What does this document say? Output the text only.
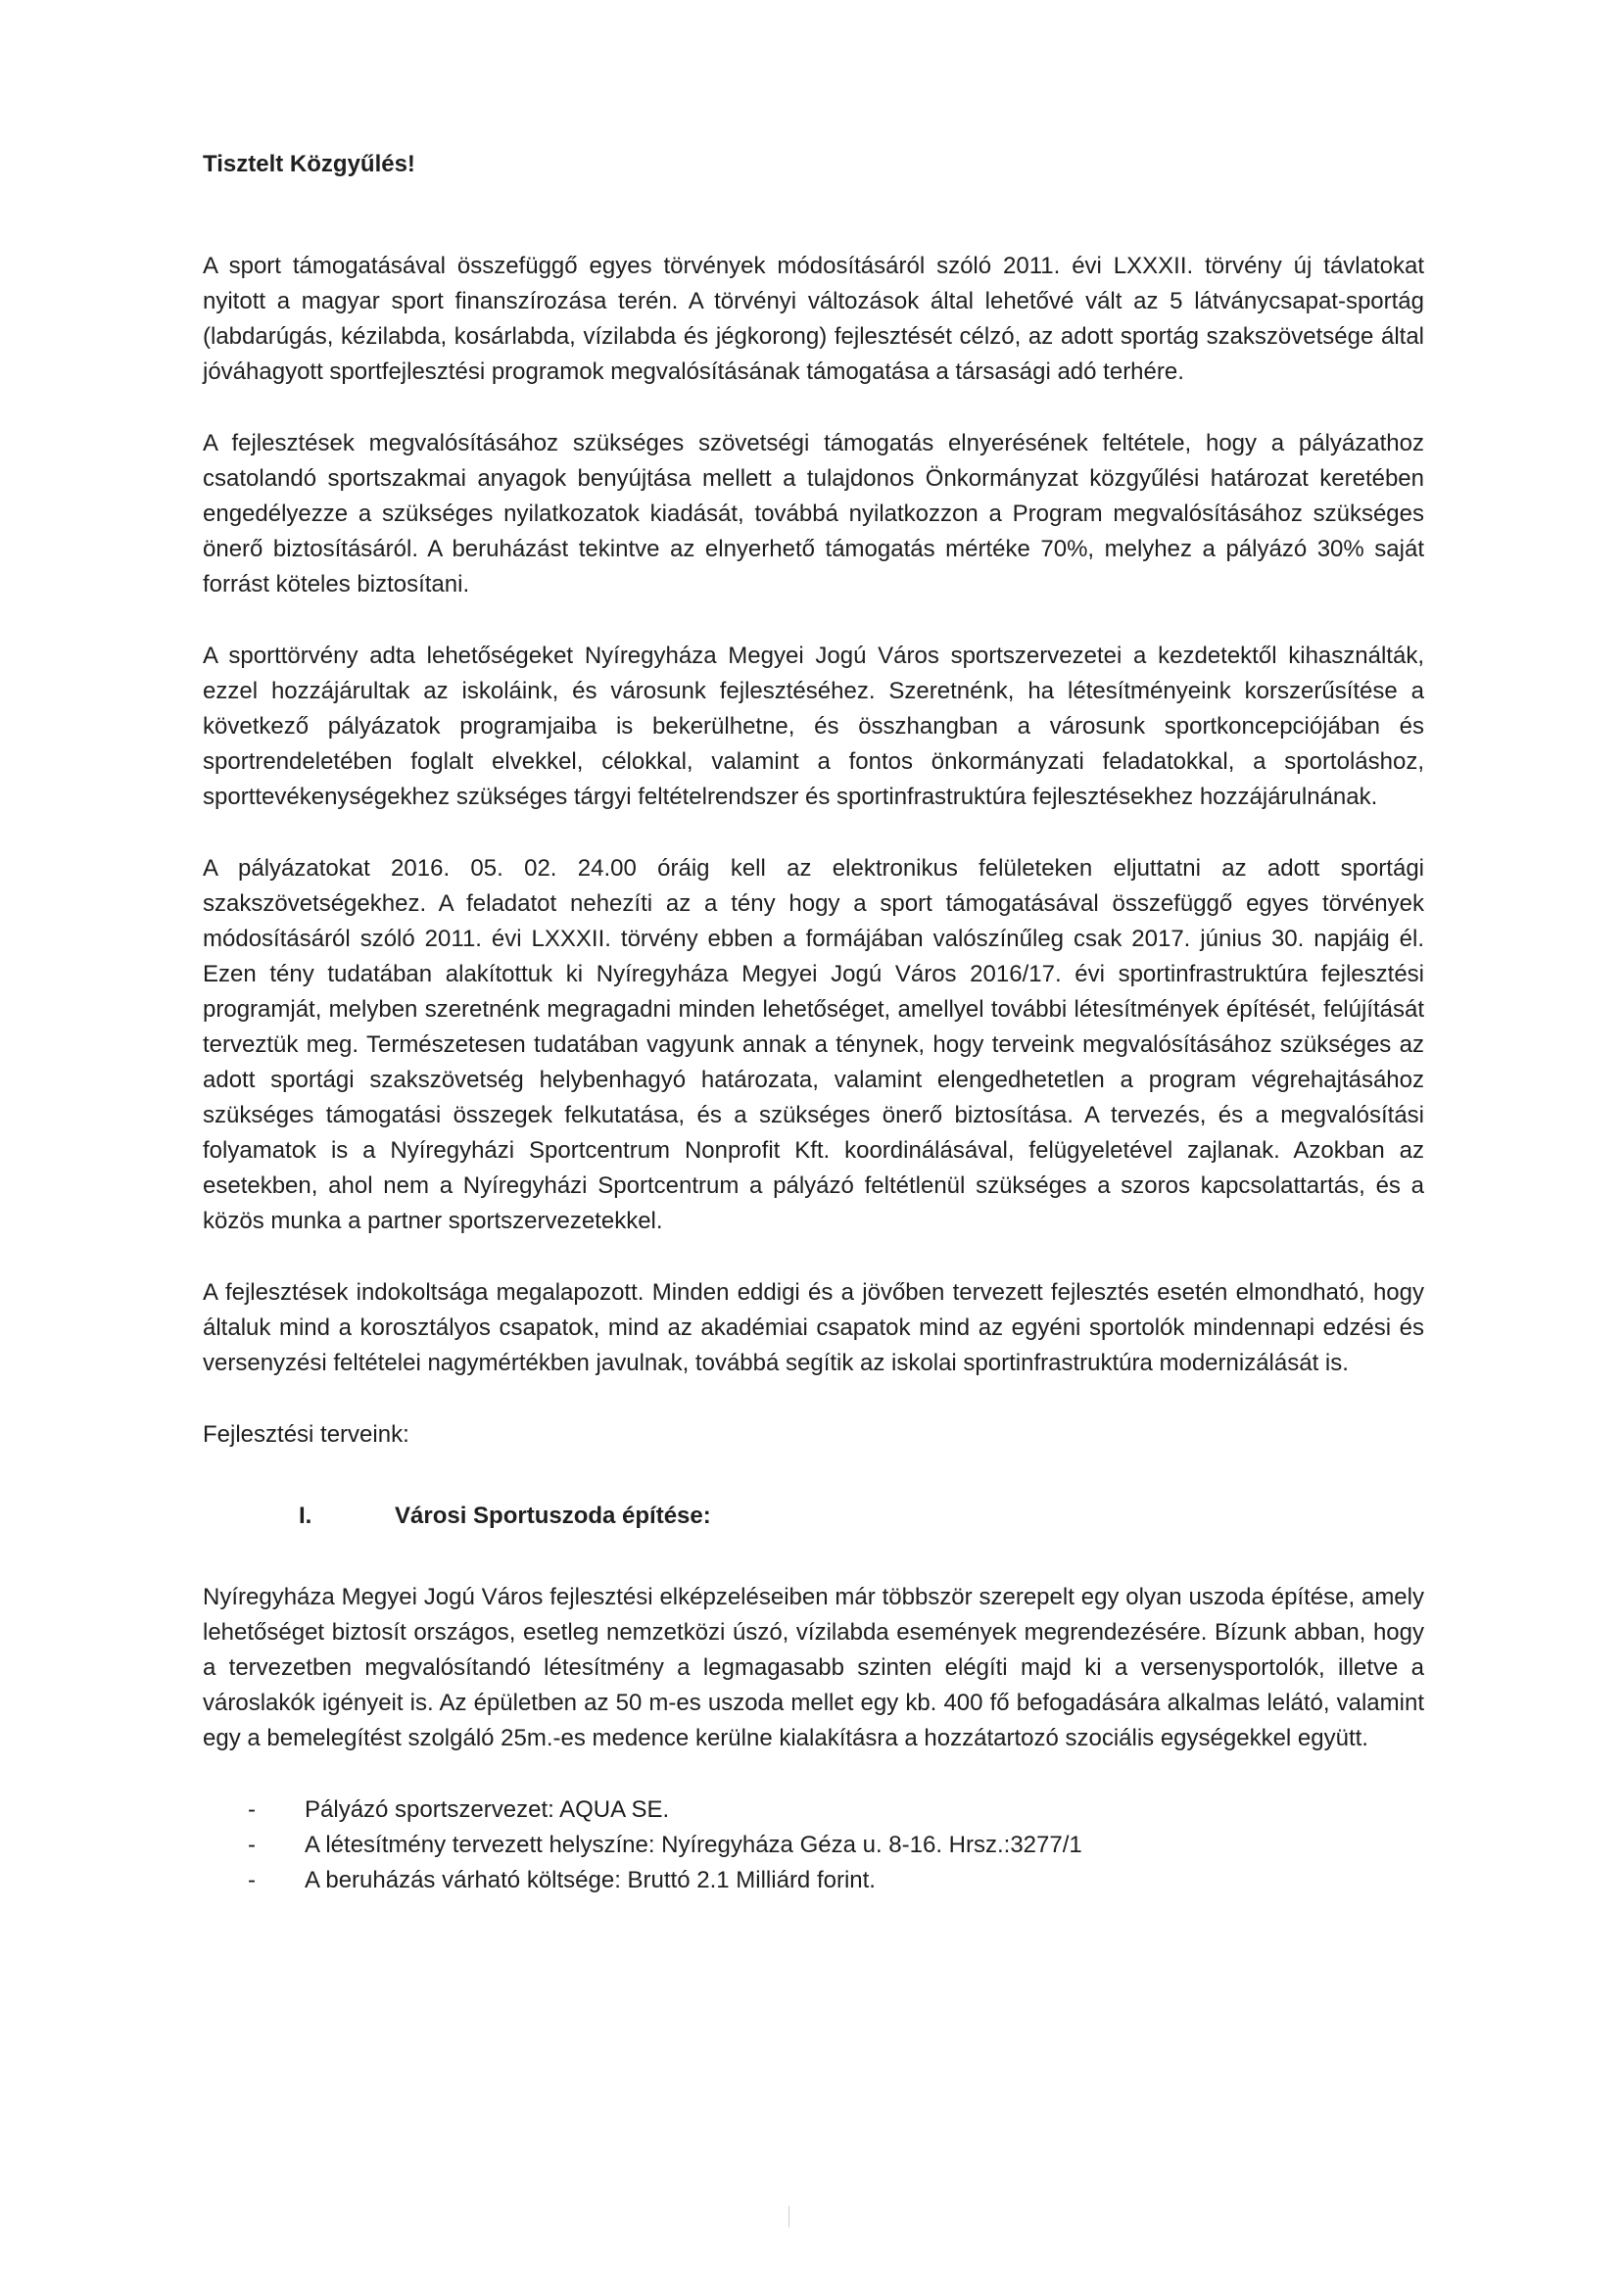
Tisztelt Közgyűlés!

A sport támogatásával összefüggő egyes törvények módosításáról szóló 2011. évi LXXXII. törvény új távlatokat nyitott a magyar sport finanszírozása terén. A törvényi változások által lehetővé vált az 5 látványcsapat-sportág (labdarúgás, kézilabda, kosárlabda, vízilabda és jégkorong) fejlesztését célzó, az adott sportág szakszövetsége által jóváhagyott sportfejlesztési programok megvalósításának támogatása a társasági adó terhére.

A fejlesztések megvalósításához szükséges szövetségi támogatás elnyerésének feltétele, hogy a pályázathoz csatolandó sportszakmai anyagok benyújtása mellett a tulajdonos Önkormányzat közgyűlési határozat keretében engedélyezze a szükséges nyilatkozatok kiadását, továbbá nyilatkozzon a Program megvalósításához szükséges önerő biztosításáról. A beruházást tekintve az elnyerhető támogatás mértéke 70%, melyhez a pályázó 30% saját forrást köteles biztosítani.

A sporttörvény adta lehetőségeket Nyíregyháza Megyei Jogú Város sportszervezetei a kezdetektől kihasználták, ezzel hozzájárultak az iskoláink, és városunk fejlesztéséhez. Szeretnénk, ha létesítményeink korszerűsítése a következő pályázatok programjaiba is bekerülhetne, és összhangban a városunk sportkoncepciójában és sportrendeletében foglalt elvekkel, célokkal, valamint a fontos önkormányzati feladatokkal, a sportoláshoz, sporttevékenységekhez szükséges tárgyi feltételrendszer és sportinfrastruktúra fejlesztésekhez hozzájárulnának.

A pályázatokat 2016. 05. 02. 24.00 óráig kell az elektronikus felületeken eljuttatni az adott sportági szakszövetségekhez. A feladatot nehezíti az a tény hogy a sport támogatásával összefüggő egyes törvények módosításáról szóló 2011. évi LXXXII. törvény ebben a formájában valószínűleg csak 2017. június 30. napjáig él. Ezen tény tudatában alakítottuk ki Nyíregyháza Megyei Jogú Város 2016/17. évi sportinfrastruktúra fejlesztési programját, melyben szeretnénk megragadni minden lehetőséget, amellyel további létesítmények építését, felújítását terveztük meg. Természetesen tudatában vagyunk annak a ténynek, hogy terveink megvalósításához szükséges az adott sportági szakszövetség helybenhagyó határozata, valamint elengedhetetlen a program végrehajtásához szükséges támogatási összegek felkutatása, és a szükséges önerő biztosítása. A tervezés, és a megvalósítási folyamatok is a Nyíregyházi Sportcentrum Nonprofit Kft. koordinálásával, felügyeletével zajlanak. Azokban az esetekben, ahol nem a Nyíregyházi Sportcentrum a pályázó feltétlenül szükséges a szoros kapcsolattartás, és a közös munka a partner sportszervezetekkel.

A fejlesztések indokoltsága megalapozott. Minden eddigi és a jövőben tervezett fejlesztés esetén elmondható, hogy általuk mind a korosztályos csapatok, mind az akadémiai csapatok mind az egyéni sportolók mindennapi edzési és versenyzési feltételei nagymértékben javulnak, továbbá segítik az iskolai sportinfrastruktúra modernizálását is.

Fejlesztési terveink:

I.	Városi Sportuszoda építése:

Nyíregyháza Megyei Jogú Város fejlesztési elképzeléseiben már többször szerepelt egy olyan uszoda építése, amely lehetőséget biztosít országos, esetleg nemzetközi úszó, vízilabda események megrendezésére. Bízunk abban, hogy a tervezetben megvalósítandó létesítmény a legmagasabb szinten elégíti majd ki a versenysportolók, illetve a városlakók igényeit is. Az épületben az 50 m-es uszoda mellet egy kb. 400 fő befogadására alkalmas lelátó, valamint egy a bemelegítést szolgáló 25m.-es medence kerülne kialakításra a hozzátartozó szociális egységekkel együtt.

-	Pályázó sportszervezet: AQUA SE.
-	A létesítmény tervezett helyszíne: Nyíregyháza Géza u. 8-16. Hrsz.:3277/1
-	A beruházás várható költsége: Bruttó 2.1 Milliárd forint.
